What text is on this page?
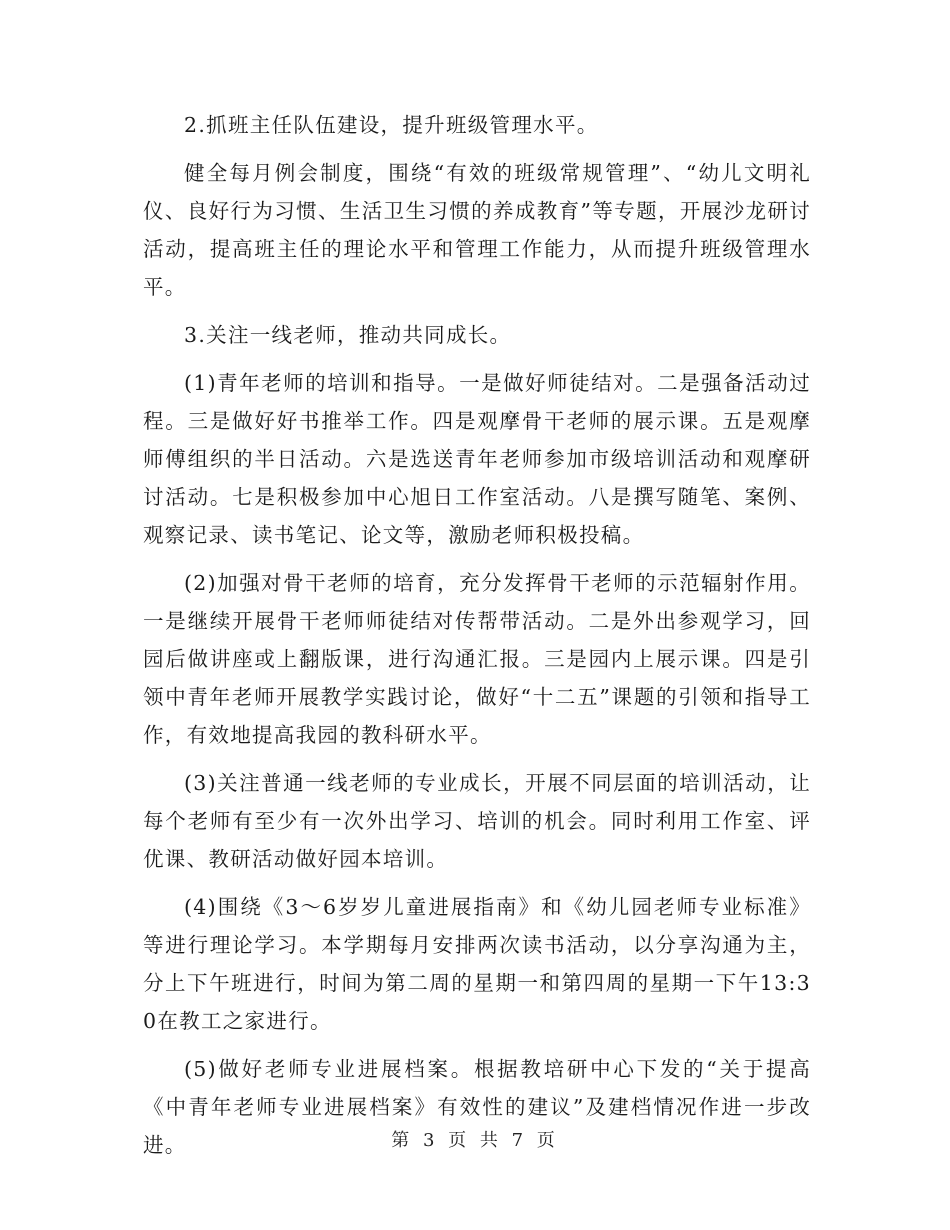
2.抓班主任队伍建设，提升班级管理水平。

健全每月例会制度，围绕“有效的班级常规管理”、“幼儿文明礼仪、良好行为习惯、生活卫生习惯的养成教育”等专题，开展沙龙研讨活动，提高班主任的理论水平和管理工作能力，从而提升班级管理水平。

3.关注一线老师，推动共同成长。

(1)青年老师的培训和指导。一是做好师徒结对。二是强备活动过程。三是做好好书推举工作。四是观摩骨干老师的展示课。五是观摩师傅组织的半日活动。六是选送青年老师参加市级培训活动和观摩研讨活动。七是积极参加中心旭日工作室活动。八是撰写随笔、案例、观察记录、读书笔记、论文等，激励老师积极投稿。

(2)加强对骨干老师的培育，充分发挥骨干老师的示范辐射作用。一是继续开展骨干老师师徒结对传帮带活动。二是外出参观学习，回园后做讲座或上翻版课，进行沟通汇报。三是园内上展示课。四是引领中青年老师开展教学实践讨论，做好“十二五”课题的引领和指导工作，有效地提高我园的教科研水平。

(3)关注普通一线老师的专业成长，开展不同层面的培训活动，让每个老师有至少有一次外出学习、培训的机会。同时利用工作室、评优课、教研活动做好园本培训。

(4)围绕《3～6岁岁儿童进展指南》和《幼儿园老师专业标准》等进行理论学习。本学期每月安排两次读书活动，以分享沟通为主，分上下午班进行，时间为第二周的星期一和第四周的星期一下午13:30在教工之家进行。

(5)做好老师专业进展档案。根据教培研中心下发的“关于提高《中青年老师专业进展档案》有效性的建议”及建档情况作进一步改进。	第 3 页 共 7 页
